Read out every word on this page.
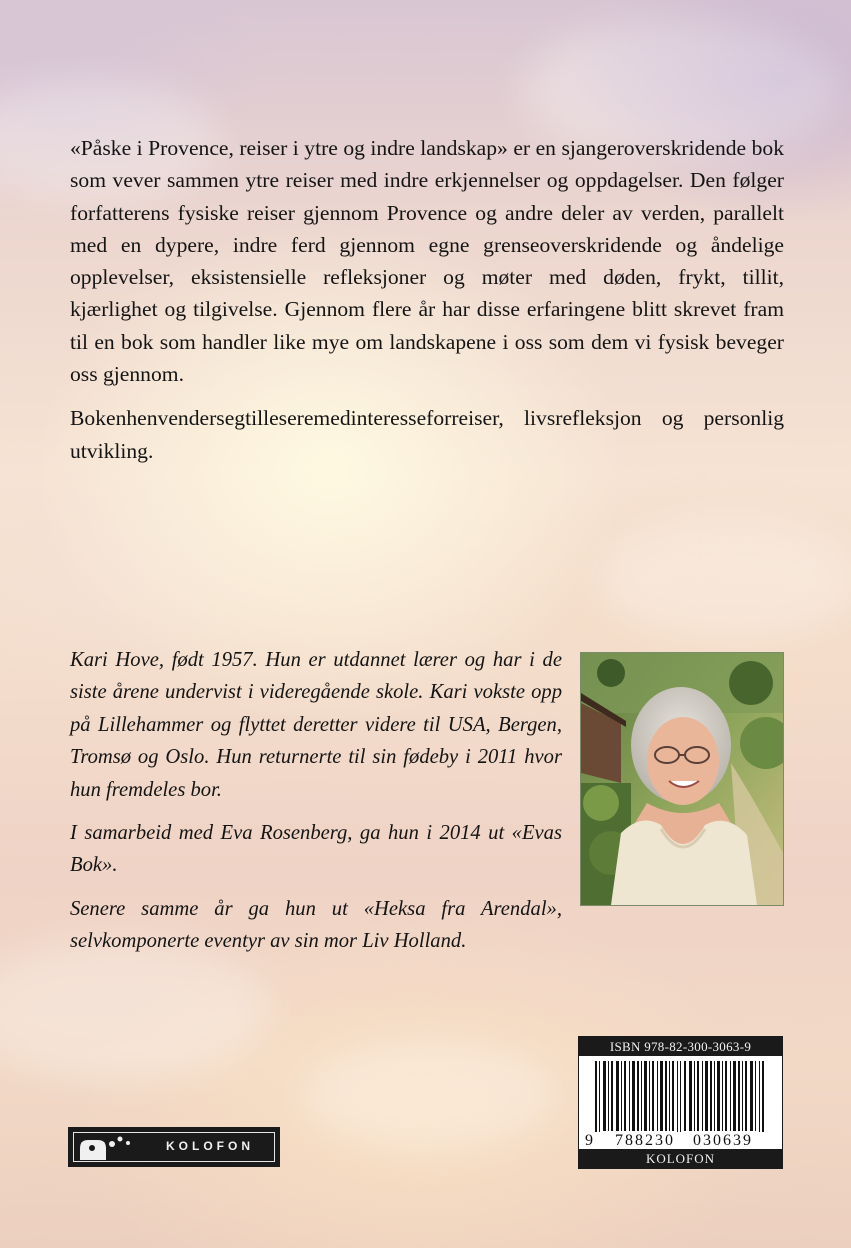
«Påske i Provence, reiser i ytre og indre landskap» er en sjangeroverskridende bok som vever sammen ytre reiser med indre erkjennelser og oppdagelser. Den følger forfatterens fysiske reiser gjennom Provence og andre deler av verden, parallelt med en dypere, indre ferd gjennom egne grenseoverskridende og åndelige opplevelser, eksistensielle refleksjoner og møter med døden, frykt, tillit, kjærlighet og tilgivelse. Gjennom flere år har disse erfaringene blitt skrevet fram til en bok som handler like mye om landskapene i oss som dem vi fysisk beveger oss gjennom.

Bokenhenvendersegtilleseremedinteresseforreiser, livsrefleksjon og personlig utvikling.

Kari Hove, født 1957. Hun er utdannet lærer og har i de siste årene undervist i videregående skole. Kari vokste opp på Lillehammer og flyttet deretter videre til USA, Bergen, Tromsø og Oslo. Hun returnerte til sin fødeby i 2011 hvor hun fremdeles bor.

I samarbeid med Eva Rosenberg, ga hun i 2014 ut «Evas Bok».

Senere samme år ga hun ut «Heksa fra Arendal», selvkomponerte eventyr av sin mor Liv Holland.

KOLOFON
ISBN 978-82-300-3063-9
9 788230 030639
KOLOFON
